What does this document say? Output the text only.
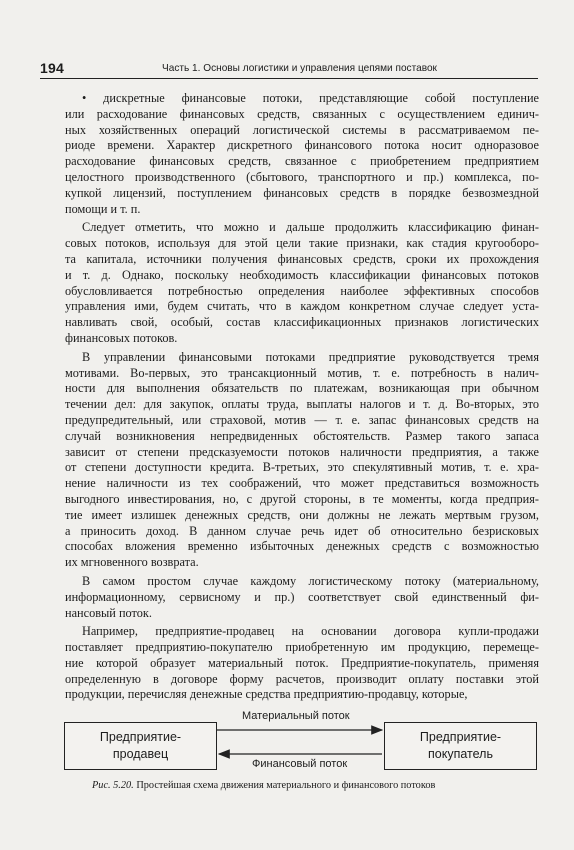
194	Часть 1. Основы логистики и управления цепями поставок
• дискретные финансовые потоки, представляющие собой поступление
или расходование финансовых средств, связанных с осуществлением единич-
ных хозяйственных операций логистической системы в рассматриваемом пе-
риоде времени. Характер дискретного финансового потока носит одноразовое
расходование финансовых средств, связанное с приобретением предприятием
целостного производственного (сбытового, транспортного и пр.) комплекса, по-
купкой лицензий, поступлением финансовых средств в порядке безвозмездной
помощи и т. п.
Следует отметить, что можно и дальше продолжить классификацию финан-
совых потоков, используя для этой цели такие признаки, как стадия кругооборо-
та капитала, источники получения финансовых средств, сроки их прохождения
и т. д. Однако, поскольку необходимость классификации финансовых потоков
обусловливается потребностью определения наиболее эффективных способов
управления ими, будем считать, что в каждом конкретном случае следует уста-
навливать свой, особый, состав классификационных признаков логистических
финансовых потоков.
В управлении финансовыми потоками предприятие руководствуется тремя
мотивами. Во-первых, это трансакционный мотив, т. е. потребность в налич-
ности для выполнения обязательств по платежам, возникающая при обычном
течении дел: для закупок, оплаты труда, выплаты налогов и т. д. Во-вторых, это
предупредительный, или страховой, мотив — т. е. запас финансовых средств на
случай возникновения непредвиденных обстоятельств. Размер такого запаса
зависит от степени предсказуемости потоков наличности предприятия, а также
от степени доступности кредита. В-третьих, это спекулятивный мотив, т. е. хра-
нение наличности из тех соображений, что может представиться возможность
выгодного инвестирования, но, с другой стороны, в те моменты, когда предприя-
тие имеет излишек денежных средств, они должны не лежать мертвым грузом,
а приносить доход. В данном случае речь идет об относительно безрисковых
способах вложения временно избыточных денежных средств с возможностью
их мгновенного возврата.
В самом простом случае каждому логистическому потоку (материальному,
информационному, сервисному и пр.) соответствует свой единственный фи-
нансовый поток.
Например, предприятие-продавец на основании договора купли-продажи
поставляет предприятию-покупателю приобретенную им продукцию, перемеще-
ние которой образует материальный поток. Предприятие-покупатель, применяя
определенную в договоре форму расчетов, производит оплату поставки этой
продукции, перечисляя денежные средства предприятию-продавцу, которые,
Предприятие-
продавец
Предприятие-
покупатель
Материальный поток
Финансовый поток
Рис. 5.20. Простейшая схема движения материального и финансового потоков
